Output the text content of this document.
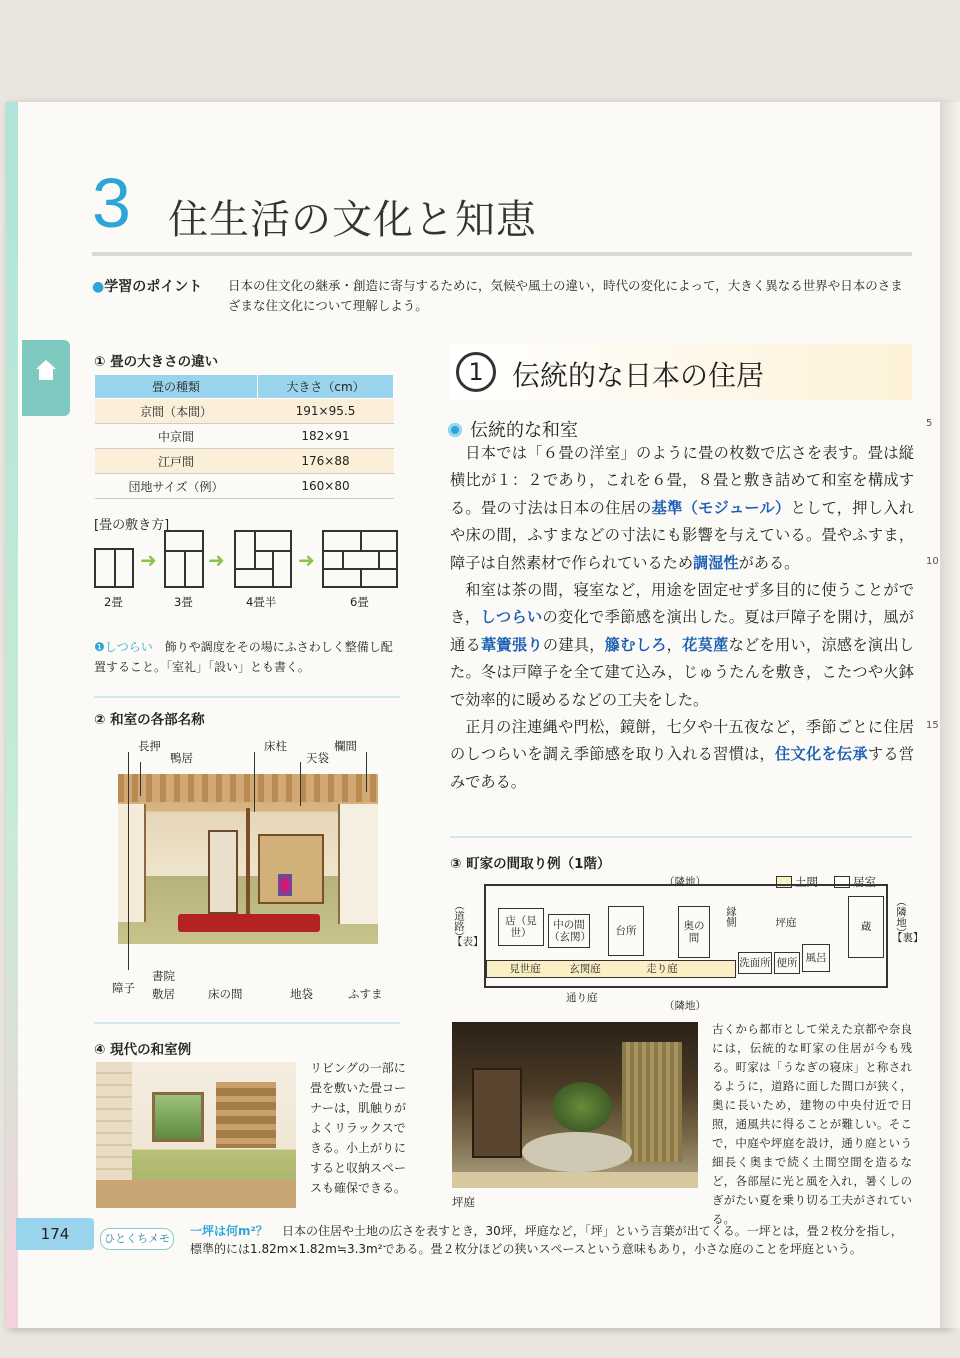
3 住生活の文化と知恵
●学習のポイント 日本の住文化の継承・創造に寄与するために，気候や風土の違い，時代の変化によって，大きく異なる世界や日本のさまざまな住文化について理解しよう。
① 畳の大きさの違い
畳の種類	大きさ（cm）
京間（本間）	191×95.5
中京間	182×91
江戸間	176×88
団地サイズ（例）	160×80
[畳の敷き方]
➜	➜	➜
2畳	3畳	4畳半	6畳
❶しつらい　 飾りや調度をその場にふさわしく整備し配置すること。「室礼」「設い」とも書く。
② 和室の各部名称
長押
鴨居
床柱
天袋
欄間
障子
書院
敷居	床の間	地袋	ふすま
④ 現代の和室例
リビングの一部に畳を敷いた畳コーナーは，肌触りがよくリラックスできる。小上がりにすると収納スペースも確保できる。
1	伝統的な日本の住居
伝統的な和室

日本では「６畳の洋室」のように畳の枚数で広さを表す。畳は縦横比が１：２であり，これを６畳，８畳と敷き詰めて和室を構成する。畳の寸法は日本の住居の基準（モジュール）として，押し入れや床の間，ふすまなどの寸法にも影響を与えている。畳やふすま，障子は自然素材で作られているため調湿性がある。

和室は茶の間，寝室など，用途を固定せず多目的に使うことができ，しつらいの変化で季節感を演出した。夏は戸障子を開け，風が通る葦簀張りの建具，籐むしろ，花茣蓙などを用い，涼感を演出した。冬は戸障子を全て建て込み，じゅうたんを敷き，こたつや火鉢で効率的に暖めるなどの工夫をした。

正月の注連縄や門松，鏡餅，七夕や十五夜など，季節ごとに住居のしつらいを調え季節感を取り入れる習慣は，住文化を伝承する営みである。

5
10
15
③ 町家の間取り例（1階）
（隣地）	土間	居室
（道路）
【表】
（隣地）
【裏】
店（見世）
中の間（玄関）	台所	奥の間
縁側	坪庭	蔵
見世庭	玄関庭	走り庭	洗面所 便所 風呂
通り庭
（隣地）
坪庭
古くから都市として栄えた京都や奈良には，伝統的な町家の住居が今も残る。町家は「うなぎの寝床」と称されるように，道路に面した間口が狭く，奥に長いため，建物の中央付近で日照，通風共に得ることが難しい。そこで，中庭や坪庭を設け，通り庭という細長く奥まで続く土間空間を造るなど，各部屋に光と風を入れ，暑くしのぎがたい夏を乗り切る工夫がされている。
174	ひとくちメモ
日本の住居や土地の広さを表すとき，30坪，坪庭など，「坪」という言葉が出てくる。一坪とは，畳２枚分を指し，標準的には1.82m×1.82m≒3.3m²である。畳２枚分ほどの狭いスペースという意味もあり，小さな庭のことを坪庭という。
一坪は何m²？
